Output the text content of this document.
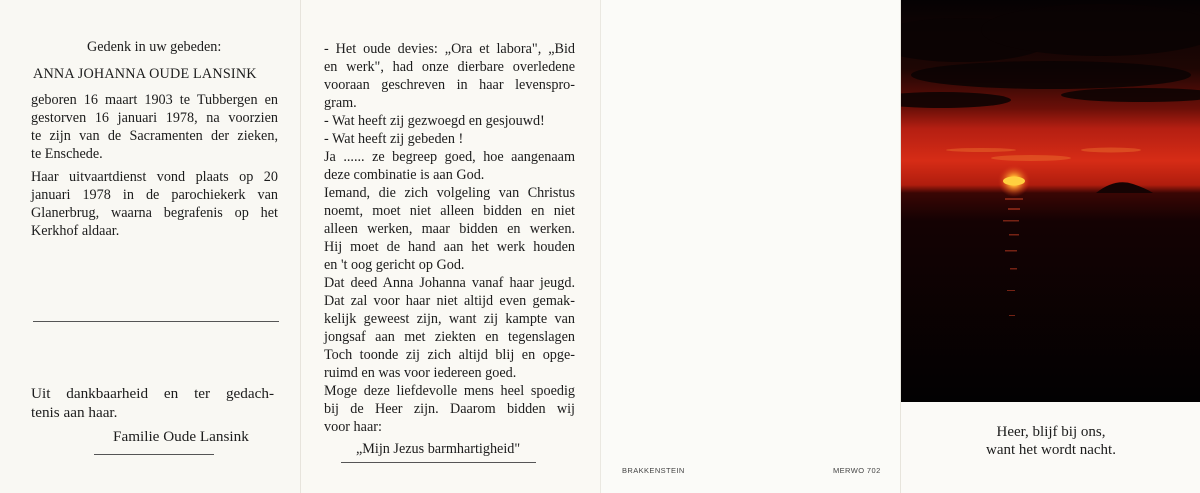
Gedenk in uw gebeden:
ANNA JOHANNA OUDE LANSINK
geboren 16 maart 1903 te Tubbergen en
gestorven 16 januari 1978, na voorzien
te zijn van de Sacramenten der zieken,
te Enschede.
Haar uitvaartdienst vond plaats op 20
januari 1978 in de parochiekerk van
Glanerbrug, waarna begrafenis op het
Kerkhof aldaar.
Uit dankbaarheid en ter gedach-
tenis aan haar.
Familie Oude Lansink
- Het oude devies: „Ora et labora", „Bid
en werk", had onze dierbare overledene
vooraan geschreven in haar levenspro-
gram.
- Wat heeft zij gezwoegd en gesjouwd!
- Wat heeft zij gebeden !
Ja ...... ze begreep goed, hoe aangenaam
deze combinatie is aan God.
Iemand, die zich volgeling van Christus
noemt, moet niet alleen bidden en niet
alleen werken, maar bidden en werken.
Hij moet de hand aan het werk houden
en 't oog gericht op God.
Dat deed Anna Johanna vanaf haar jeugd.
Dat zal voor haar niet altijd even gemak-
kelijk geweest zijn, want zij kampte van
jongsaf aan met ziekten en tegenslagen
Toch toonde zij zich altijd blij en opge-
ruimd en was voor iedereen goed.
Moge deze liefdevolle mens heel spoedig
bij de Heer zijn. Daarom bidden wij
voor haar:
„Mijn Jezus barmhartigheid"
BRAKKENSTEIN	MERWO 702
Heer, blijf bij ons,
want het wordt nacht.
